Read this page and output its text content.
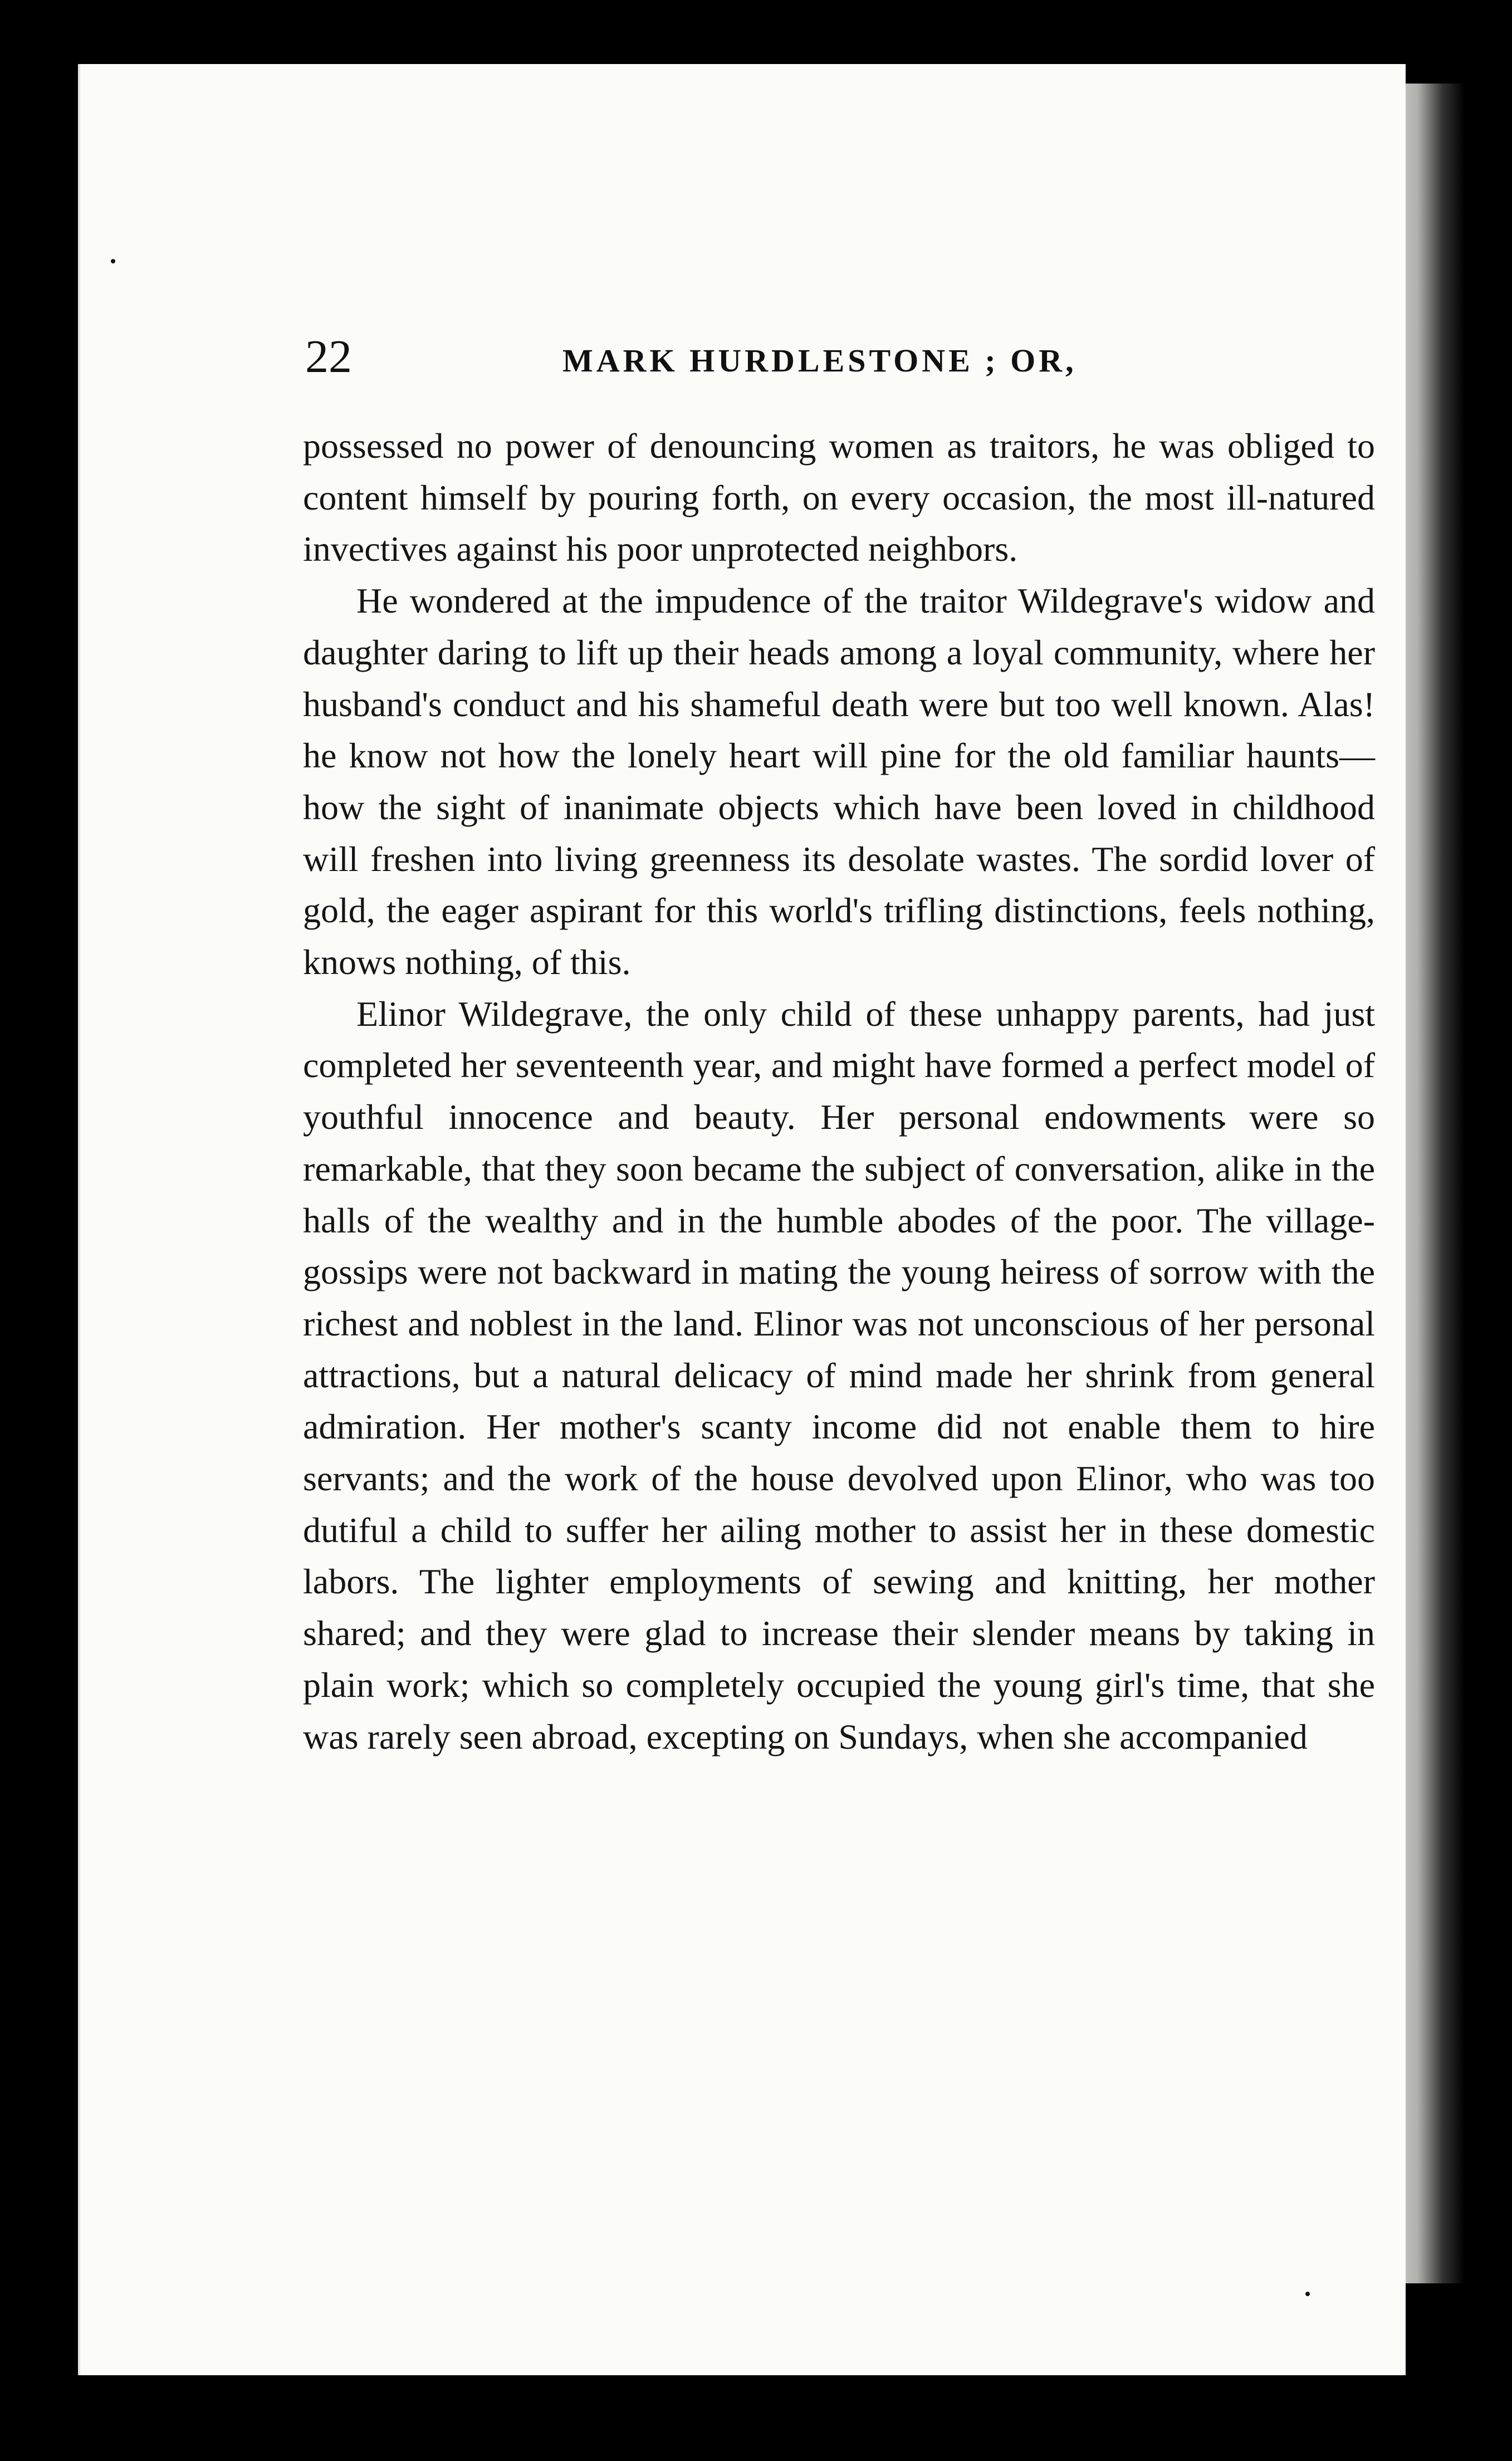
22	MARK HURDLESTONE ; OR,

possessed no power of denouncing women as traitors, he was obliged to content himself by pouring forth, on every occasion, the most ill-natured invectives against his poor unprotected neighbors.

He wondered at the impudence of the traitor Wildegrave's widow and daughter daring to lift up their heads among a loyal community, where her husband's conduct and his shameful death were but too well known. Alas! he know not how the lonely heart will pine for the old familiar haunts—how the sight of inanimate objects which have been loved in childhood will freshen into living greenness its desolate wastes. The sordid lover of gold, the eager aspirant for this world's trifling distinctions, feels nothing, knows nothing, of this.

Elinor Wildegrave, the only child of these unhappy parents, had just completed her seventeenth year, and might have formed a perfect model of youthful innocence and beauty. Her personal endowments were so remarkable, that they soon became the subject of conversation, alike in the halls of the wealthy and in the humble abodes of the poor. The village-gossips were not backward in mating the young heiress of sorrow with the richest and noblest in the land. Elinor was not unconscious of her personal attractions, but a natural delicacy of mind made her shrink from general admiration. Her mother's scanty income did not enable them to hire servants; and the work of the house devolved upon Elinor, who was too dutiful a child to suffer her ailing mother to assist her in these domestic labors. The lighter employments of sewing and knitting, her mother shared; and they were glad to increase their slender means by taking in plain work; which so completely occupied the young girl's time, that she was rarely seen abroad, excepting on Sundays, when she accompanied
